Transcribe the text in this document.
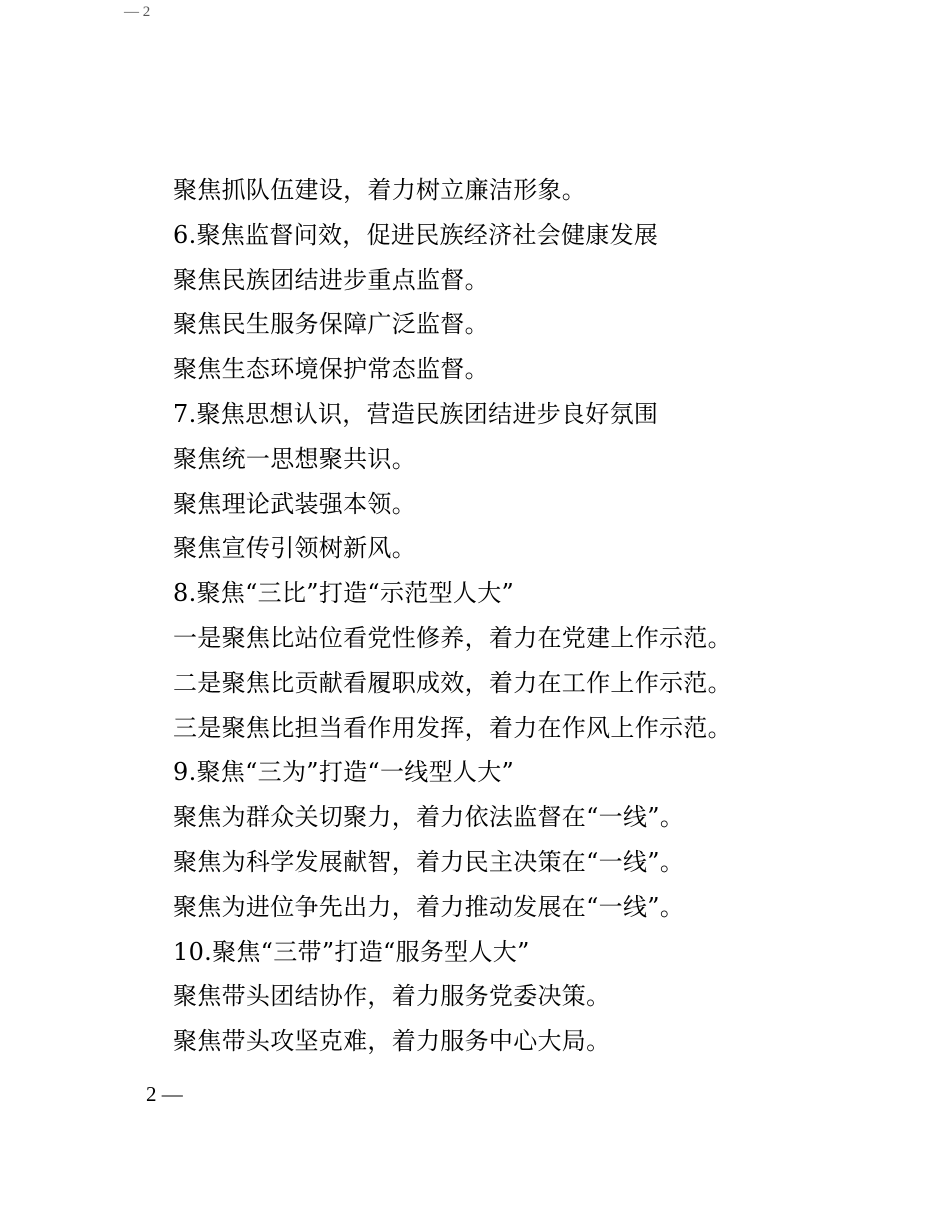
— 2
聚焦抓队伍建设，着力树立廉洁形象。
6.聚焦监督问效，促进民族经济社会健康发展
聚焦民族团结进步重点监督。
聚焦民生服务保障广泛监督。
聚焦生态环境保护常态监督。
7.聚焦思想认识，营造民族团结进步良好氛围
聚焦统一思想聚共识。
聚焦理论武装强本领。
聚焦宣传引领树新风。
8.聚焦“三比”打造“示范型人大”
一是聚焦比站位看党性修养，着力在党建上作示范。
二是聚焦比贡献看履职成效，着力在工作上作示范。
三是聚焦比担当看作用发挥，着力在作风上作示范。
9.聚焦“三为”打造“一线型人大”
聚焦为群众关切聚力，着力依法监督在“一线”。
聚焦为科学发展献智，着力民主决策在“一线”。
聚焦为进位争先出力，着力推动发展在“一线”。
10.聚焦“三带”打造“服务型人大”
聚焦带头团结协作，着力服务党委决策。
聚焦带头攻坚克难，着力服务中心大局。
2 —
